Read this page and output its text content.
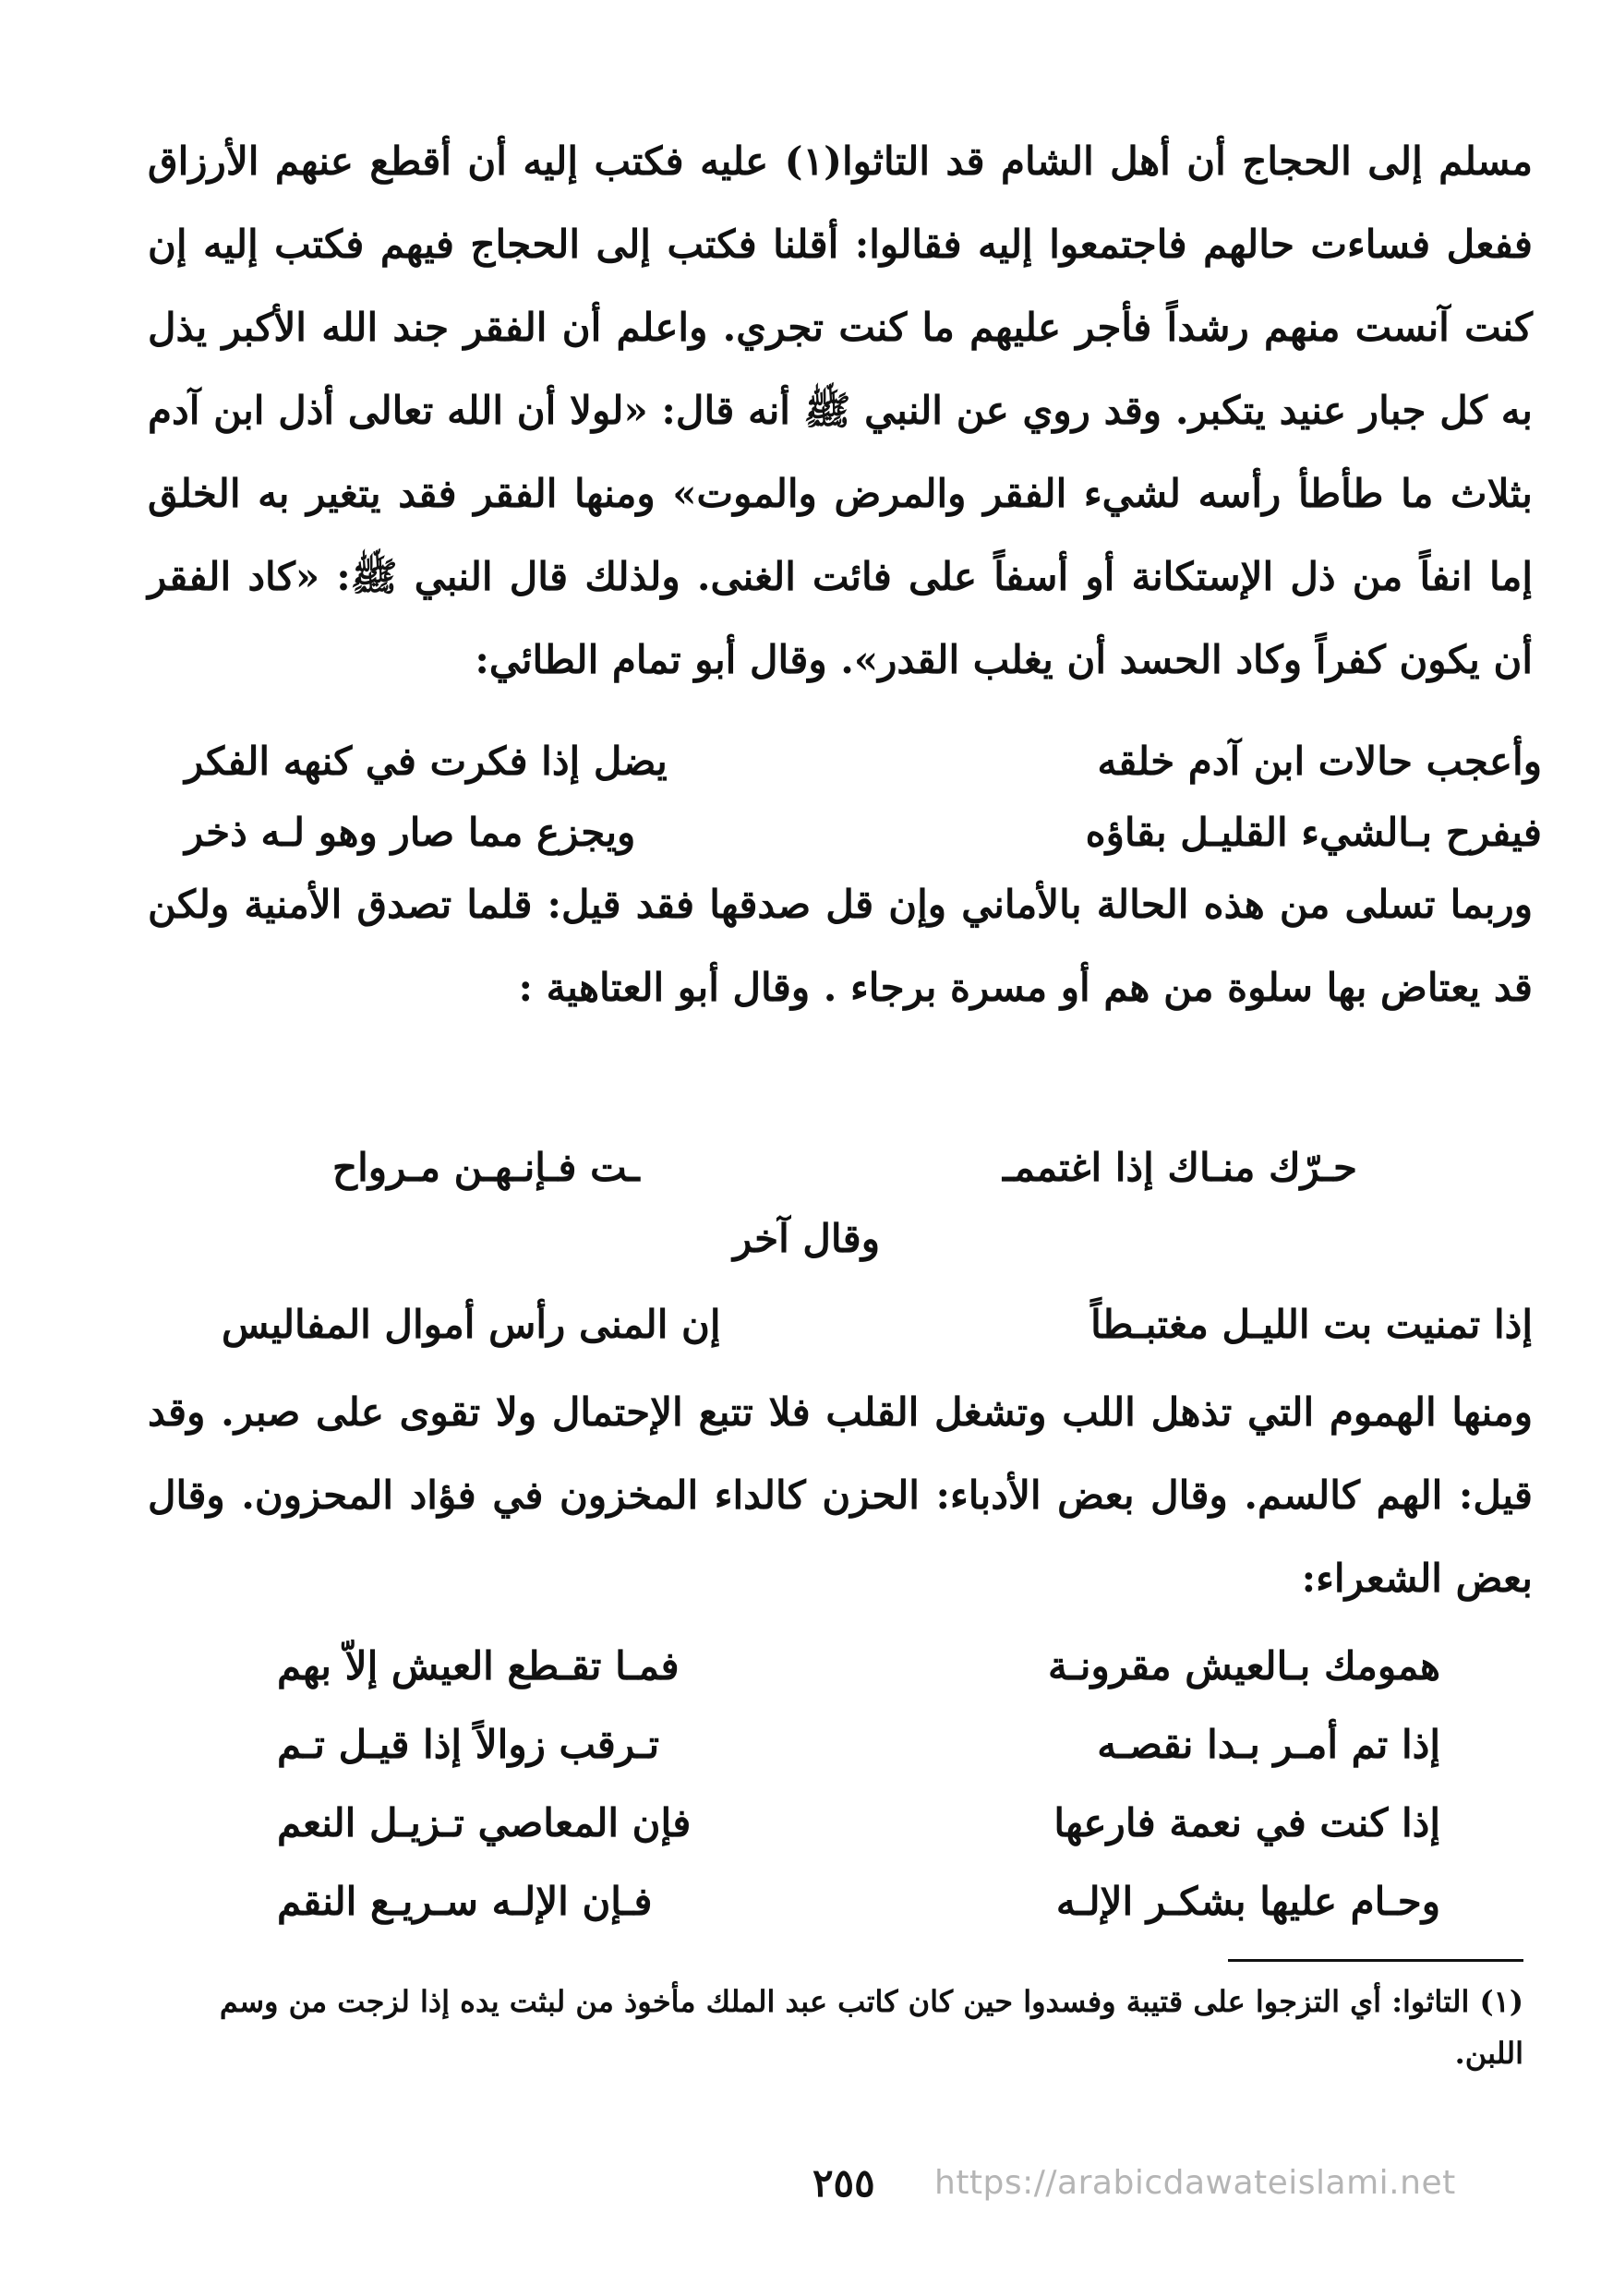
مسلم إلى الحجاج أن أهل الشام قد التاثوا(١) عليه فكتب إليه أن أقطع عنهم الأرزاق ففعل فساءت حالهم فاجتمعوا إليه فقالوا: أقلنا فكتب إلى الحجاج فيهم فكتب إليه إن كنت آنست منهم رشداً فأجر عليهم ما كنت تجري. واعلم أن الفقر جند الله الأكبر يذل به كل جبار عنيد يتكبر. وقد روي عن النبي ﷺ أنه قال: «لولا أن الله تعالى أذل ابن آدم بثلاث ما طأطأ رأسه لشيء الفقر والمرض والموت» ومنها الفقر فقد يتغير به الخلق إما انفاً من ذل الإستكانة أو أسفاً على فائت الغنى. ولذلك قال النبي ﷺ: «كاد الفقر أن يكون كفراً وكاد الحسد أن يغلب القدر». وقال أبو تمام الطائي:

وأعجب حالات ابن آدم خلقه
يضل إذا فكرت في كنهه الفكر
فيفرح بـالشيء القليـل بقاؤه
ويجزع مما صار وهو لـه ذخر

وربما تسلى من هذه الحالة بالأماني وإن قل صدقها فقد قيل: قلما تصدق الأمنية ولكن قد يعتاض بها سلوة من هم أو مسرة برجاء . وقال أبو العتاهية :

حـرّك منـاك إذا اغتممـ
ـت فـإنـهـن مـرواح
وقال آخر
إذا تمنيت بت الليـل مغتبـطاً
إن المنى رأس أموال المفاليس

ومنها الهموم التي تذهل اللب وتشغل القلب فلا تتبع الإحتمال ولا تقوى على صبر. وقد قيل: الهم كالسم. وقال بعض الأدباء: الحزن كالداء المخزون في فؤاد المحزون. وقال بعض الشعراء:

همومك بـالعيش مقرونـة
فمـا تقـطع العيش إلاّ بهم
إذا تم أمـر بـدا نقصـه
تـرقب زوالاً إذا قيـل تـم
إذا كنت في نعمة فارعها
فإن المعاصي تـزيـل النعم
وحـام عليها بشكـر الإلـه
فـإن الإلـه سـريـع النقم

(١) التاثوا: أي التزجوا على قتيبة وفسدوا حين كان كاتب عبد الملك مأخوذ من لبثت يده إذا لزجت من وسم اللبن.

٢٥٥ https://arabicdawateislami.net
